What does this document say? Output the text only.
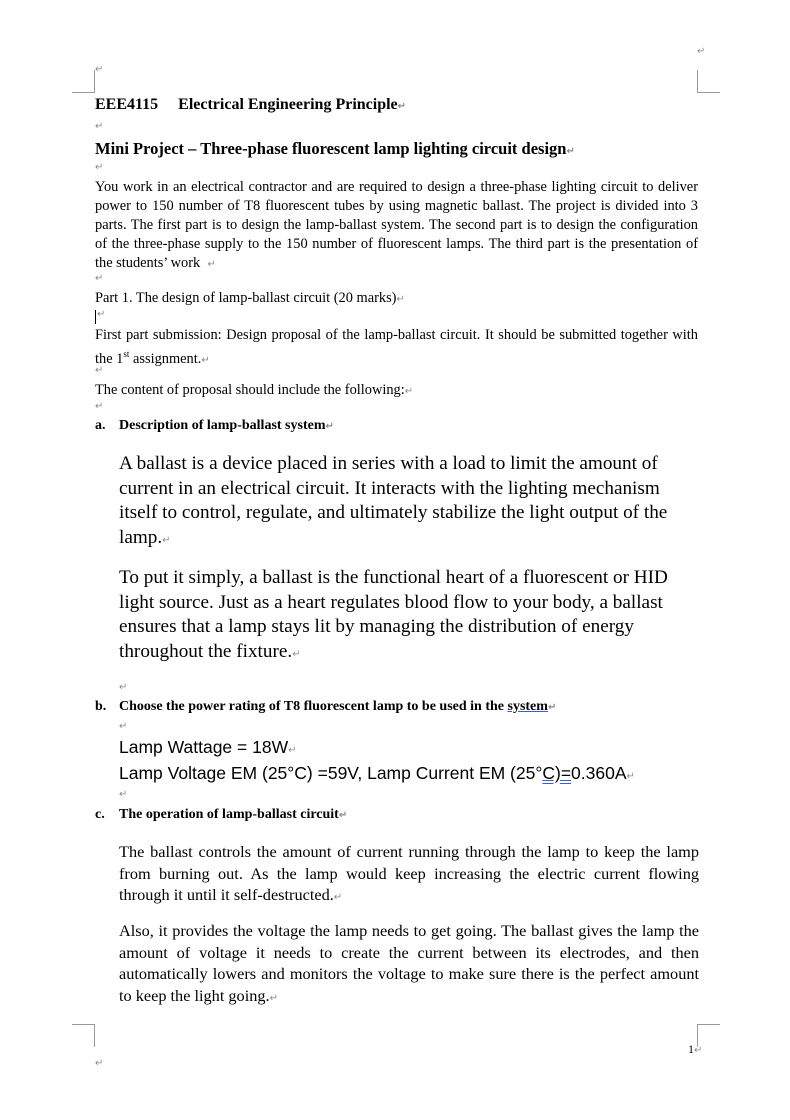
↵
↵
↵
EEE4115 Electrical Engineering Principle↵
↵
Mini Project – Three-phase fluorescent lamp lighting circuit design↵
↵
You work in an electrical contractor and are required to design a three-phase lighting circuit to deliver power to 150 number of T8 fluorescent tubes by using magnetic ballast. The project is divided into 3 parts. The first part is to design the lamp-ballast system. The second part is to design the configuration of the three-phase supply to the 150 number of fluorescent lamps. The third part is the presentation of the students’ work ↵
↵
Part 1. The design of lamp-ballast circuit (20 marks)↵
↵
First part submission: Design proposal of the lamp-ballast circuit. It should be submitted together with the 1st assignment.↵
↵
The content of proposal should include the following:↵
↵
a. Description of lamp-ballast system↵
A ballast is a device placed in series with a load to limit the amount of current in an electrical circuit. It interacts with the lighting mechanism itself to control, regulate, and ultimately stabilize the light output of the lamp.↵
To put it simply, a ballast is the functional heart of a fluorescent or HID light source. Just as a heart regulates blood flow to your body, a ballast ensures that a lamp stays lit by managing the distribution of energy throughout the fixture.↵
↵
b. Choose the power rating of T8 fluorescent lamp to be used in the system↵
↵
Lamp Wattage = 18W↵
Lamp Voltage EM (25°C) =59V, Lamp Current EM (25°C)=0.360A↵
↵
c. The operation of lamp-ballast circuit↵
The ballast controls the amount of current running through the lamp to keep the lamp from burning out. As the lamp would keep increasing the electric current flowing through it until it self-destructed.↵
Also, it provides the voltage the lamp needs to get going. The ballast gives the lamp the amount of voltage it needs to create the current between its electrodes, and then automatically lowers and monitors the voltage to make sure there is the perfect amount to keep the light going.↵
1↵
